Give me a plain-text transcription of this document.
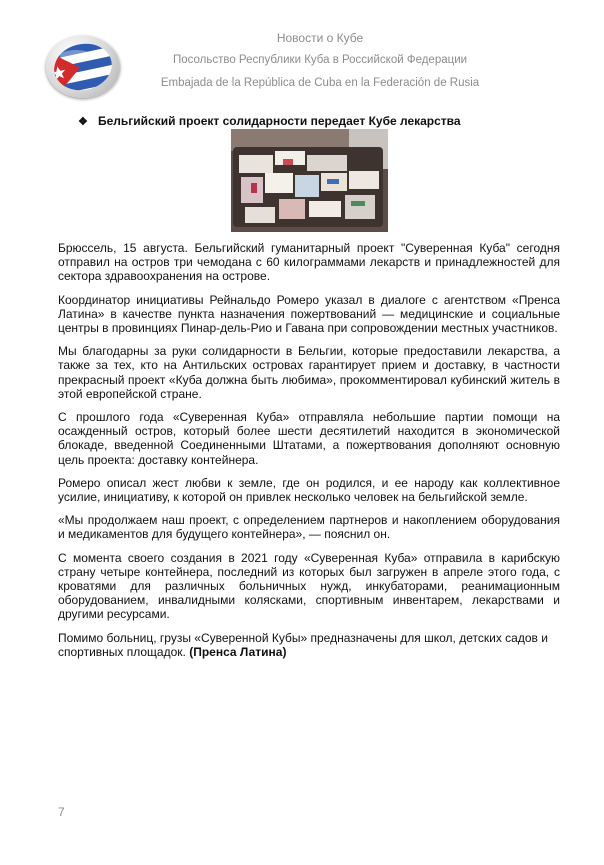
Новости о Кубе
Посольство Республики Куба в Российской Федерации
Embajada de la República de Cuba en la Federación de Rusia
❖ Бельгийский проект солидарности передает Кубе лекарства

Брюссель, 15 августа. Бельгийский гуманитарный проект "Суверенная Куба" сегодня отправил на остров три чемодана с 60 килограммами лекарств и принадлежностей для сектора здравоохранения на острове.

Координатор инициативы Рейнальдо Ромеро указал в диалоге с агентством «Пренса Латина» в качестве пункта назначения пожертвований — медицинские и социальные центры в провинциях Пинар-дель-Рио и Гавана при сопровождении местных участников.

Мы благодарны за руки солидарности в Бельгии, которые предоставили лекарства, а также за тех, кто на Антильских островах гарантирует прием и доставку, в частности прекрасный проект «Куба должна быть любима», прокомментировал кубинский житель в этой европейской стране.

С прошлого года «Суверенная Куба» отправляла небольшие партии помощи на осажденный остров, который более шести десятилетий находится в экономической блокаде, введенной Соединенными Штатами, а пожертвования дополняют основную цель проекта: доставку контейнера.

Ромеро описал жест любви к земле, где он родился, и ее народу как коллективное усилие, инициативу, к которой он привлек несколько человек на бельгийской земле.

«Мы продолжаем наш проект, с определением партнеров и накоплением оборудования и медикаментов для будущего контейнера», — пояснил он.

С момента своего создания в 2021 году «Суверенная Куба» отправила в карибскую страну четыре контейнера, последний из которых был загружен в апреле этого года, с кроватями для различных больничных нужд, инкубаторами, реанимационным оборудованием, инвалидными колясками, спортивным инвентарем, лекарствами и другими ресурсами.

Помимо больниц, грузы «Суверенной Кубы» предназначены для школ, детских садов и спортивных площадок. (Пренса Латина)

7
